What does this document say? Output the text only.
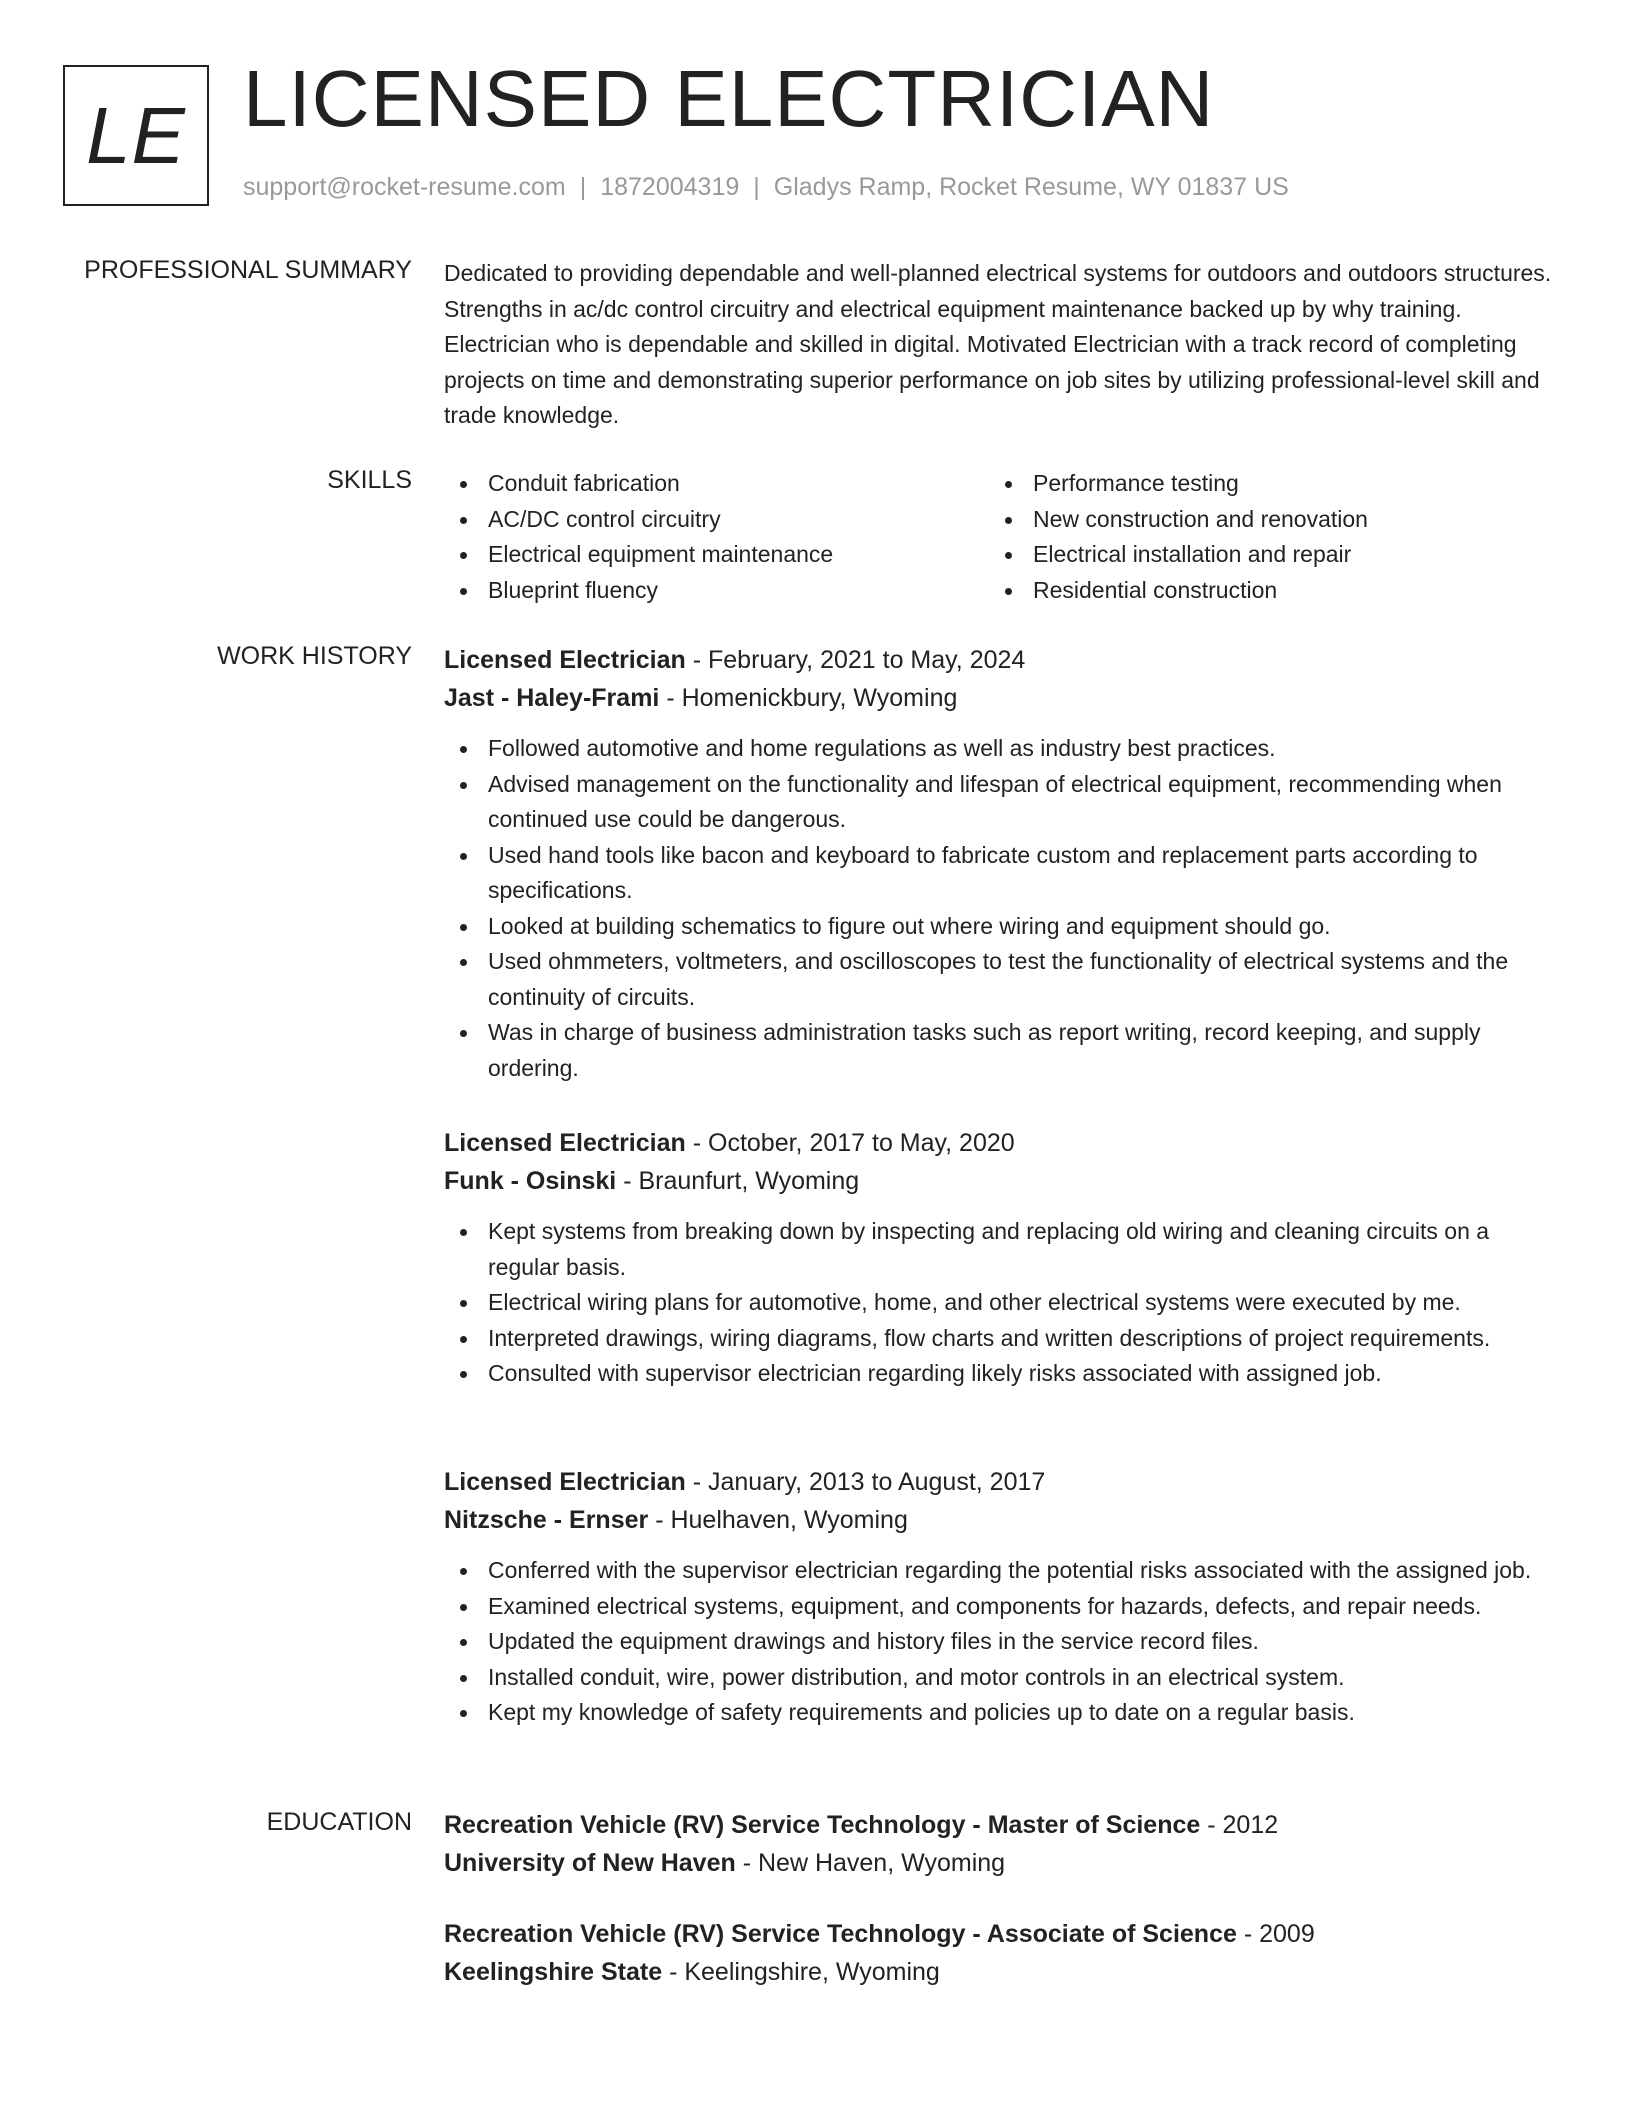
LE LICENSED ELECTRICIAN
support@rocket-resume.com | 1872004319 | Gladys Ramp, Rocket Resume, WY 01837 US
PROFESSIONAL SUMMARY Dedicated to providing dependable and well-planned electrical systems for outdoors and outdoors structures. Strengths in ac/dc control circuitry and electrical equipment maintenance backed up by why training. Electrician who is dependable and skilled in digital. Motivated Electrician with a track record of completing projects on time and demonstrating superior performance on job sites by utilizing professional-level skill and trade knowledge.
SKILLS	Conduit fabrication
AC/DC control circuitry
Electrical equipment maintenance
Blueprint fluency
Performance testing
New construction and renovation
Electrical installation and repair
Residential construction
WORK HISTORY Licensed Electrician - February, 2021 to May, 2024
Jast - Haley-Frami - Homenickbury, Wyoming
Followed automotive and home regulations as well as industry best practices.
Advised management on the functionality and lifespan of electrical equipment, recommending when continued use could be dangerous.
Used hand tools like bacon and keyboard to fabricate custom and replacement parts according to specifications.
Looked at building schematics to figure out where wiring and equipment should go.
Used ohmmeters, voltmeters, and oscilloscopes to test the functionality of electrical systems and the continuity of circuits.
Was in charge of business administration tasks such as report writing, record keeping, and supply ordering.
Licensed Electrician - October, 2017 to May, 2020
Funk - Osinski - Braunfurt, Wyoming
Kept systems from breaking down by inspecting and replacing old wiring and cleaning circuits on a regular basis.
Electrical wiring plans for automotive, home, and other electrical systems were executed by me.
Interpreted drawings, wiring diagrams, flow charts and written descriptions of project requirements.
Consulted with supervisor electrician regarding likely risks associated with assigned job.
Licensed Electrician - January, 2013 to August, 2017
Nitzsche - Ernser - Huelhaven, Wyoming
Conferred with the supervisor electrician regarding the potential risks associated with the assigned job.
Examined electrical systems, equipment, and components for hazards, defects, and repair needs.
Updated the equipment drawings and history files in the service record files.
Installed conduit, wire, power distribution, and motor controls in an electrical system.
Kept my knowledge of safety requirements and policies up to date on a regular basis.
EDUCATION Recreation Vehicle (RV) Service Technology - Master of Science - 2012
University of New Haven - New Haven, Wyoming
Recreation Vehicle (RV) Service Technology - Associate of Science - 2009
Keelingshire State - Keelingshire, Wyoming
